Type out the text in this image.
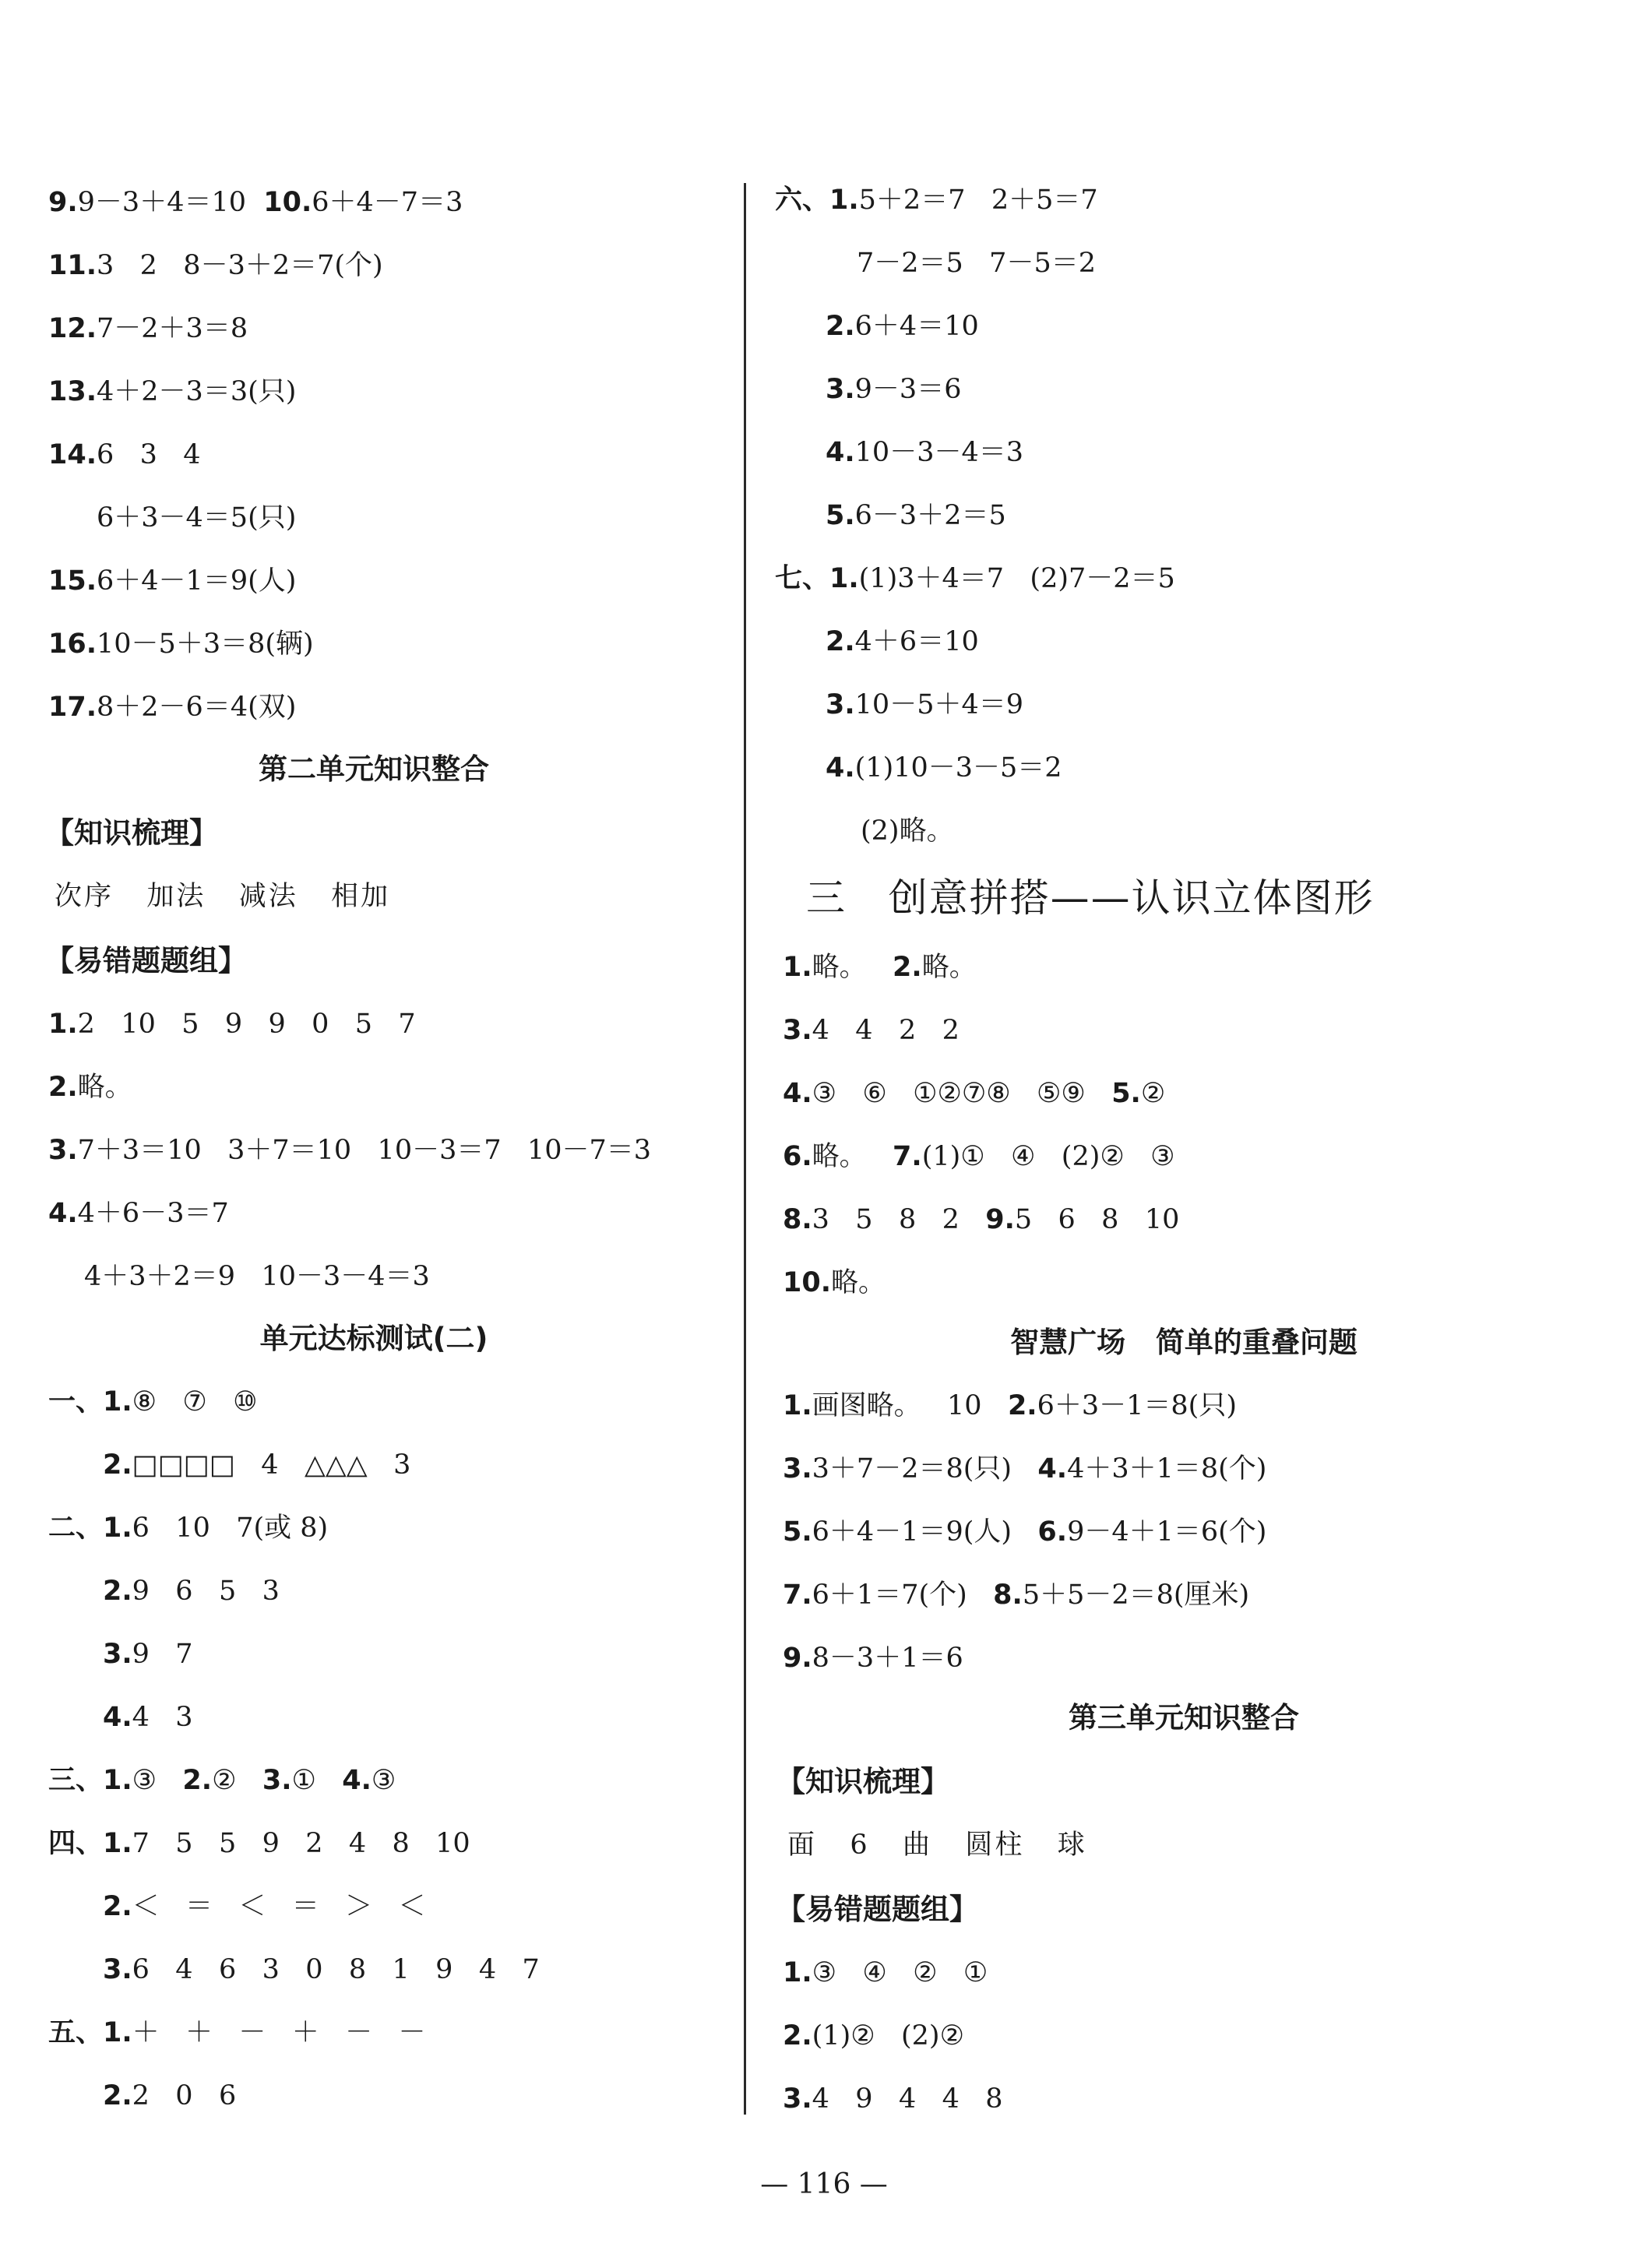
9.9－3＋4＝10  10.6＋4－7＝3
11.3   2   8－3＋2＝7(个)
12.7－2＋3＝8
13.4＋2－3＝3(只)
14.6   3   4
6＋3－4＝5(只)
15.6＋4－1＝9(人)
16.10－5＋3＝8(辆)
17.8＋2－6＝4(双)
第二单元知识整合
【知识梳理】
次序   加法   减法   相加
【易错题题组】
1.2   10   5   9   9   0   5   7
2.略。
3.7＋3＝10   3＋7＝10   10－3＝7   10－7＝3
4.4＋6－3＝7
4＋3＋2＝9   10－3－4＝3
单元达标测试(二)
一、1.⑧   ⑦   ⑩
2.□□□□   4   △△△   3
二、1.6   10   7(或 8)
2.9   6   5   3
3.9   7
4.4   3
三、1.③   2.②   3.①   4.③
四、1.7   5   5   9   2   4   8   10
2.＜   ＝   ＜   ＝   ＞   ＜
3.6   4   6   3   0   8   1   9   4   7
五、1.＋   ＋   －   ＋   －   －
2.2   0   6
六、1.5＋2＝7   2＋5＝7
7－2＝5   7－5＝2
2.6＋4＝10
3.9－3＝6
4.10－3－4＝3
5.6－3＋2＝5
七、1.(1)3＋4＝7   (2)7－2＝5
2.4＋6＝10
3.10－5＋4＝9
4.(1)10－3－5＝2
(2)略。
三   创意拼搭——认识立体图形
1.略。   2.略。
3.4   4   2   2
4.③   ⑥   ①②⑦⑧   ⑤⑨   5.②
6.略。   7.(1)①   ④   (2)②   ③
8.3   5   8   2   9.5   6   8   10
10.略。
智慧广场   简单的重叠问题
1.画图略。   10   2.6＋3－1＝8(只)
3.3＋7－2＝8(只)   4.4＋3＋1＝8(个)
5.6＋4－1＝9(人)   6.9－4＋1＝6(个)
7.6＋1＝7(个)   8.5＋5－2＝8(厘米)
9.8－3＋1＝6
第三单元知识整合
【知识梳理】
面   6   曲   圆柱   球
【易错题题组】
1.③   ④   ②   ①
2.(1)②   (2)②
3.4   9   4   4   8
— 116 —
